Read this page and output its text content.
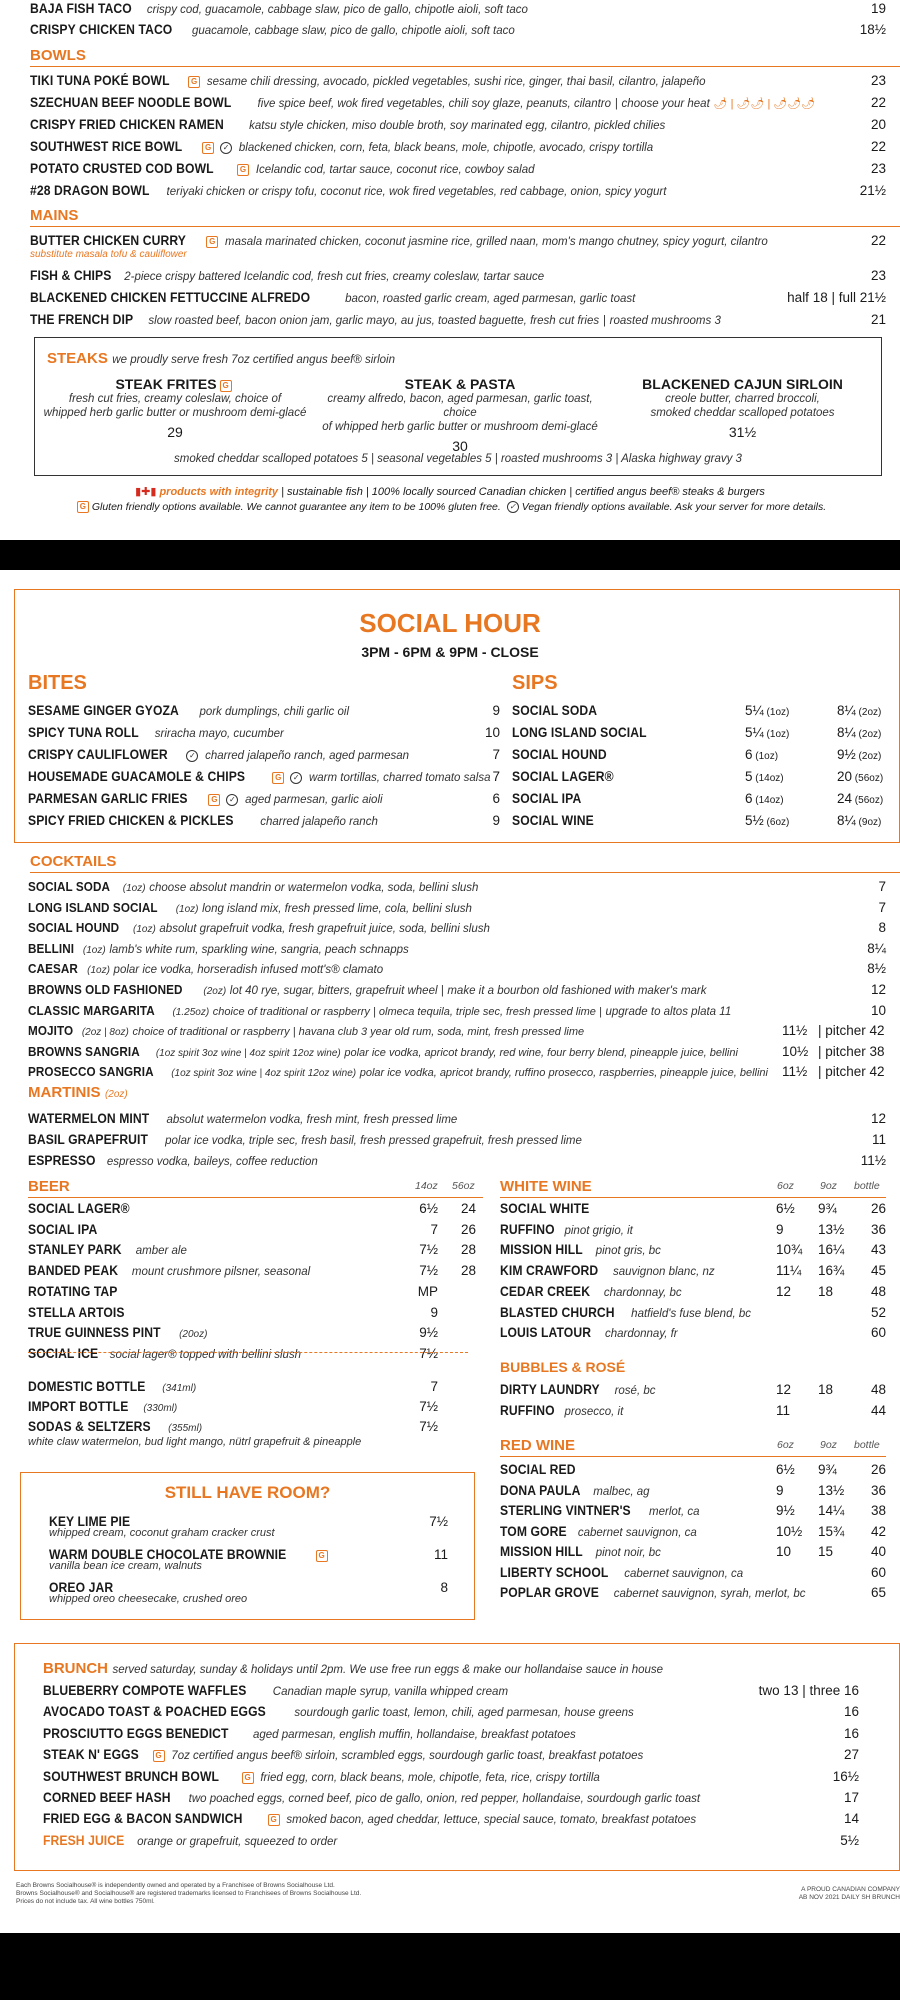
BAJA FISH TACO crispy cod, guacamole, cabbage slaw, pico de gallo, chipotle aioli, soft taco	19
CRISPY CHICKEN TACO guacamole, cabbage slaw, pico de gallo, chipotle aioli, soft taco	18½
BOWLS
TIKI TUNA POKÉ BOWL	G sesame chili dressing, avocado, pickled vegetables, sushi rice, ginger, thai basil, cilantro, jalapeño	23
SZECHUAN BEEF NOODLE BOWL five spice beef, wok fired vegetables, chili soy glaze, peanuts, cilantro | choose your heat 🌶 | 🌶🌶 | 🌶🌶🌶	22
CRISPY FRIED CHICKEN RAMEN katsu style chicken, miso double broth, soy marinated egg, cilantro, pickled chilies	20
SOUTHWEST RICE BOWL	G ✓ blackened chicken, corn, feta, black beans, mole, chipotle, avocado, crispy tortilla	22
POTATO CRUSTED COD BOWL	G Icelandic cod, tartar sauce, coconut rice, cowboy salad	23
#28 DRAGON BOWL teriyaki chicken or crispy tofu, coconut rice, wok fired vegetables, red cabbage, onion, spicy yogurt	21½
MAINS
BUTTER CHICKEN CURRY	G masala marinated chicken, coconut jasmine rice, grilled naan, mom's mango chutney, spicy yogurt, cilantro	22
substitute masala tofu & cauliflower
FISH & CHIPS 2-piece crispy battered Icelandic cod, fresh cut fries, creamy coleslaw, tartar sauce	23
BLACKENED CHICKEN FETTUCCINE ALFREDO	bacon, roasted garlic cream, aged parmesan, garlic toast	half 18 | full 21½
THE FRENCH DIP slow roasted beef, bacon onion jam, garlic mayo, au jus, toasted baguette, fresh cut fries | roasted mushrooms 3	21
STEAKS we proudly serve fresh 7oz certified angus beef® sirloin
STEAK FRITES G
fresh cut fries, creamy coleslaw, choice of
whipped herb garlic butter or mushroom demi-glacé
29
STEAK & PASTA
creamy alfredo, bacon, aged parmesan, garlic toast, choice
of whipped herb garlic butter or mushroom demi-glacé
30
BLACKENED CAJUN SIRLOIN
creole butter, charred broccoli,
smoked cheddar scalloped potatoes
31½
smoked cheddar scalloped potatoes 5 | seasonal vegetables 5 | roasted mushrooms 3 | Alaska highway gravy 3
▮✚▮ products with integrity | sustainable fish | 100% locally sourced Canadian chicken | certified angus beef® steaks & burgers
G Gluten friendly options available. We cannot guarantee any item to be 100% gluten free. ✓ Vegan friendly options available. Ask your server for more details.
SOCIAL HOUR
3PM - 6PM & 9PM - CLOSE
BITES	SIPS
SESAME GINGER GYOZA pork dumplings, chili garlic oil	9
SPICY TUNA ROLL sriracha mayo, cucumber	10
CRISPY CAULIFLOWER	✓ charred jalapeño ranch, aged parmesan	7
HOUSEMADE GUACAMOLE & CHIPS	G ✓ warm tortillas, charred tomato salsa 7
PARMESAN GARLIC FRIES	G ✓ aged parmesan, garlic aioli	6
SPICY FRIED CHICKEN & PICKLES charred jalapeño ranch	9
SOCIAL SODA	5¼ (1oz)	8¼ (2oz)
LONG ISLAND SOCIAL	5¼ (1oz)	8¼ (2oz)
SOCIAL HOUND	6 (1oz)	9½ (2oz)
SOCIAL LAGER®	5 (14oz)	20 (56oz)
SOCIAL IPA	6 (14oz)	24 (56oz)
SOCIAL WINE	5½ (6oz)	8¼ (9oz)
COCKTAILS
SOCIAL SODA (1oz) choose absolut mandrin or watermelon vodka, soda, bellini slush	7
LONG ISLAND SOCIAL (1oz) long island mix, fresh pressed lime, cola, bellini slush	7
SOCIAL HOUND (1oz) absolut grapefruit vodka, fresh grapefruit juice, soda, bellini slush	8
BELLINI (1oz) lamb's white rum, sparkling wine, sangria, peach schnapps	8¼
CAESAR (1oz) polar ice vodka, horseradish infused mott's® clamato	8½
BROWNS OLD FASHIONED (2oz) lot 40 rye, sugar, bitters, grapefruit wheel | make it a bourbon old fashioned with maker's mark	12
CLASSIC MARGARITA (1.25oz) choice of traditional or raspberry | olmeca tequila, triple sec, fresh pressed lime | upgrade to altos plata 11	10
MOJITO (2oz | 8oz) choice of traditional or raspberry | havana club 3 year old rum, soda, mint, fresh pressed lime	11½ | pitcher 42
BROWNS SANGRIA (1oz spirit 3oz wine | 4oz spirit 12oz wine) polar ice vodka, apricot brandy, red wine, four berry blend, pineapple juice, bellini	10½ | pitcher 38
PROSECCO SANGRIA (1oz spirit 3oz wine | 4oz spirit 12oz wine) polar ice vodka, apricot brandy, ruffino prosecco, raspberries, pineapple juice, bellini 11½ | pitcher 42
MARTINIS (2oz)
WATERMELON MINT absolut watermelon vodka, fresh mint, fresh pressed lime	12
BASIL GRAPEFRUIT polar ice vodka, triple sec, fresh basil, fresh pressed grapefruit, fresh pressed lime	11
ESPRESSO espresso vodka, baileys, coffee reduction	11½
BEER	14oz 56oz
SOCIAL LAGER®	6½ 24
SOCIAL IPA	7 26
STANLEY PARK amber ale	7½ 28
BANDED PEAK mount crushmore pilsner, seasonal	7½ 28
ROTATING TAP	MP
STELLA ARTOIS	9
TRUE GUINNESS PINT (20oz)	9½
SOCIAL ICE social lager® topped with bellini slush	7½
DOMESTIC BOTTLE (341ml)	7
IMPORT BOTTLE (330ml)	7½
SODAS & SELTZERS (355ml)	7½
white claw watermelon, bud light mango, nütrl grapefruit & pineapple
WHITE WINE	6oz 9oz bottle
SOCIAL WHITE	6½ 9¾	26
RUFFINO pinot grigio, it	9	13½ 36
MISSION HILL pinot gris, bc	10¾ 16¼ 43
KIM CRAWFORD sauvignon blanc, nz	11¼ 16¾ 45
CEDAR CREEK chardonnay, bc	12 18	48
BLASTED CHURCH hatfield's fuse blend, bc	52
LOUIS LATOUR chardonnay, fr	60
BUBBLES & ROSÉ
DIRTY LAUNDRY rosé, bc	12 18	48
RUFFINO prosecco, it	11	44
RED WINE	6oz 9oz bottle
SOCIAL RED	6½ 9¾	26
DONA PAULA malbec, ag	9	13½ 36
STERLING VINTNER'S merlot, ca	9½ 14¼ 38
TOM GORE cabernet sauvignon, ca	10½ 15¾ 42
MISSION HILL pinot noir, bc	10 15	40
LIBERTY SCHOOL cabernet sauvignon, ca	60
POPLAR GROVE cabernet sauvignon, syrah, merlot, bc	65
STILL HAVE ROOM?
KEY LIME PIE
whipped cream, coconut graham cracker crust
7½
WARM DOUBLE CHOCOLATE BROWNIE	G
vanilla bean ice cream, walnuts
11
OREO JAR
whipped oreo cheesecake, crushed oreo
8
BRUNCH served saturday, sunday & holidays until 2pm. We use free run eggs & make our hollandaise sauce in house
BLUEBERRY COMPOTE WAFFLES Canadian maple syrup, vanilla whipped cream	two 13 | three 16
AVOCADO TOAST & POACHED EGGS sourdough garlic toast, lemon, chili, aged parmesan, house greens	16
PROSCIUTTO EGGS BENEDICT aged parmesan, english muffin, hollandaise, breakfast potatoes	16
STEAK N' EGGS G 7oz certified angus beef® sirloin, scrambled eggs, sourdough garlic toast, breakfast potatoes	27
SOUTHWEST BRUNCH BOWL	G fried egg, corn, black beans, mole, chipotle, feta, rice, crispy tortilla	16½
CORNED BEEF HASH two poached eggs, corned beef, pico de gallo, onion, red pepper, hollandaise, sourdough garlic toast	17
FRIED EGG & BACON SANDWICH	G smoked bacon, aged cheddar, lettuce, special sauce, tomato, breakfast potatoes	14
FRESH JUICE orange or grapefruit, squeezed to order	5½
Each Browns Socialhouse® is independently owned and operated by a Franchisee of Browns Socialhouse Ltd.
Browns Socialhouse® and Socialhouse® are registered trademarks licensed to Franchisees of Browns Socialhouse Ltd.
Prices do not include tax. All wine bottles 750ml.
A PROUD CANADIAN COMPANY
AB NOV 2021 DAILY SH BRUNCH
